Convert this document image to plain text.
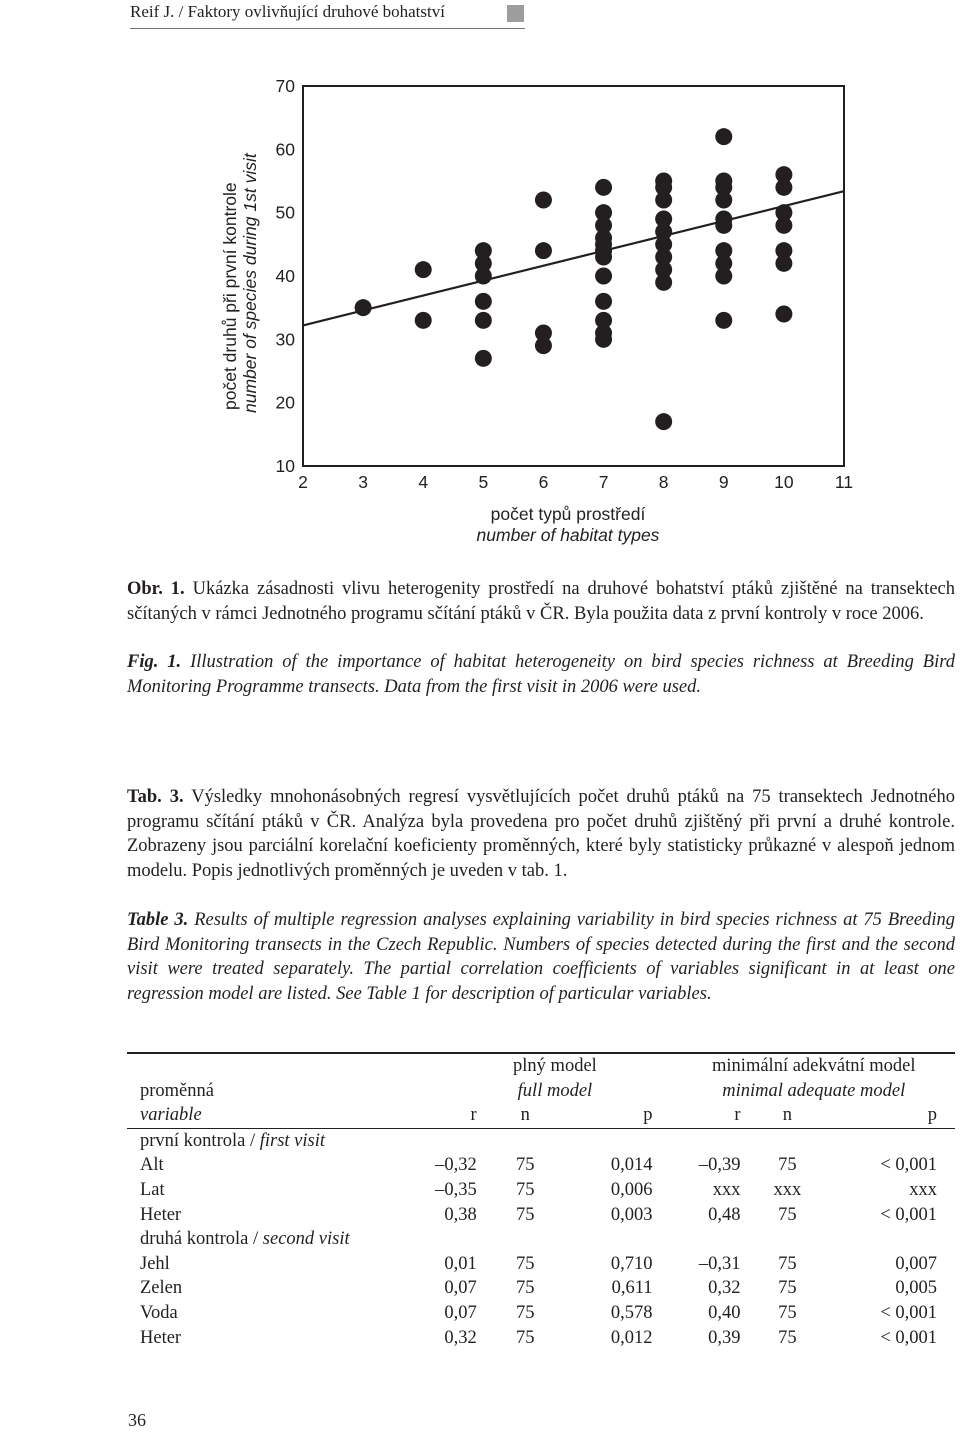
Reif J. / Faktory ovlivňující druhové bohatství
10
20
30
40
50
60
70
2	3	4	5	6	7	8	9	10 11
počet druhů při první kontrole number of species during 1st visit
počet typů prostředí
number of habitat types
Obr. 1. Ukázka zásadnosti vlivu heterogenity prostředí na druhové bohatství ptáků zjištěné na transektech sčítaných v rámci Jednotného programu sčítání ptáků v ČR. Byla použita data z první kontroly v roce 2006.
Fig. 1. Illustration of the importance of habitat heterogeneity on bird species richness at Breeding Bird Monitoring Programme transects. Data from the first visit in 2006 were used.
Tab. 3. Výsledky mnohonásobných regresí vysvětlujících počet druhů ptáků na 75 transektech Jednotného programu sčítání ptáků v ČR. Analýza byla provedena pro počet druhů zjištěný při první a druhé kontrole. Zobrazeny jsou parciální korelační koeficienty proměnných, které byly statisticky průkazné v alespoň jednom modelu. Popis jednotlivých proměnných je uveden v tab. 1.
Table 3. Results of multiple regression analyses explaining variability in bird species richness at 75 Breeding Bird Monitoring transects in the Czech Republic. Numbers of species detected during the first and the second visit were treated separately. The partial correlation coefficients of variables significant in at least one regression model are listed. See Table 1 for description of particular variables.
	plný model			minimální adekvátní model		
proměnná	full model			minimal adequate model		
variable	r	n	p	r	n	p
první kontrola / first visit						
Alt	–0,32	75	0,014	–0,39	75	< 0,001
Lat	–0,35	75	0,006	xxx	xxx	xxx
Heter	0,38	75	0,003	0,48	75	< 0,001
druhá kontrola / second visit						
Jehl	0,01	75	0,710	–0,31	75	0,007
Zelen	0,07	75	0,611	0,32	75	0,005
Voda	0,07	75	0,578	0,40	75	< 0,001
Heter	0,32	75	0,012	0,39	75	< 0,001
36
